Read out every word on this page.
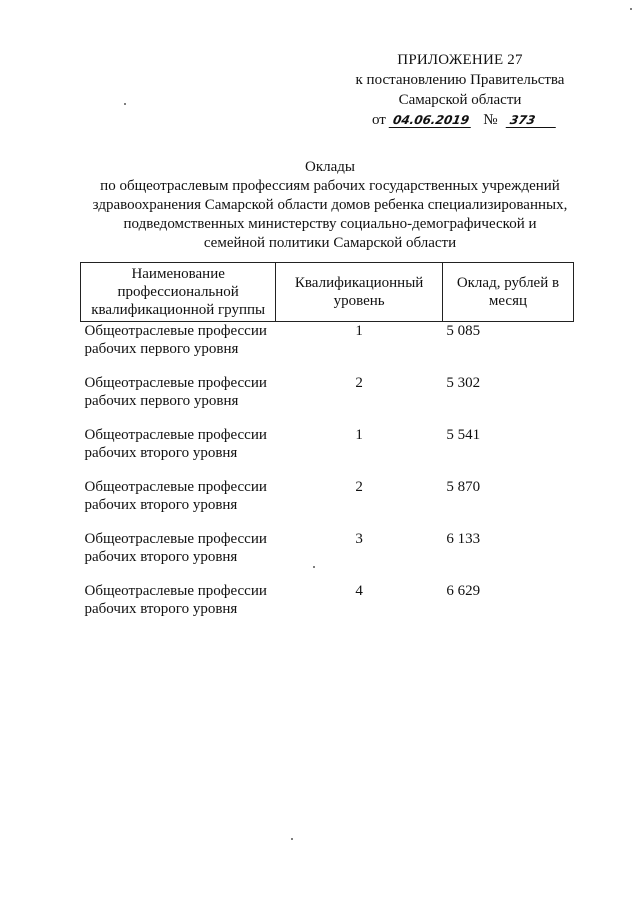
ПРИЛОЖЕНИЕ 27
к постановлению Правительства
Самарской области
от 04.06.2019 № 373
Оклады
по общеотраслевым профессиям рабочих государственных учреждений
здравоохранения Самарской области домов ребенка специализированных,
подведомственных министерству социально-демографической и
семейной политики Самарской области
Наименование профессиональной квалификационной группы	Квалификационный уровень	Оклад, рублей в месяц

Общеотраслевые профессии
рабочих первого уровня	1	5 085

Общеотраслевые профессии
рабочих первого уровня	2	5 302

Общеотраслевые профессии
рабочих второго уровня	1	5 541

Общеотраслевые профессии
рабочих второго уровня	2	5 870

Общеотраслевые профессии
рабочих второго уровня	3	6 133

Общеотраслевые профессии
рабочих второго уровня	4	6 629
